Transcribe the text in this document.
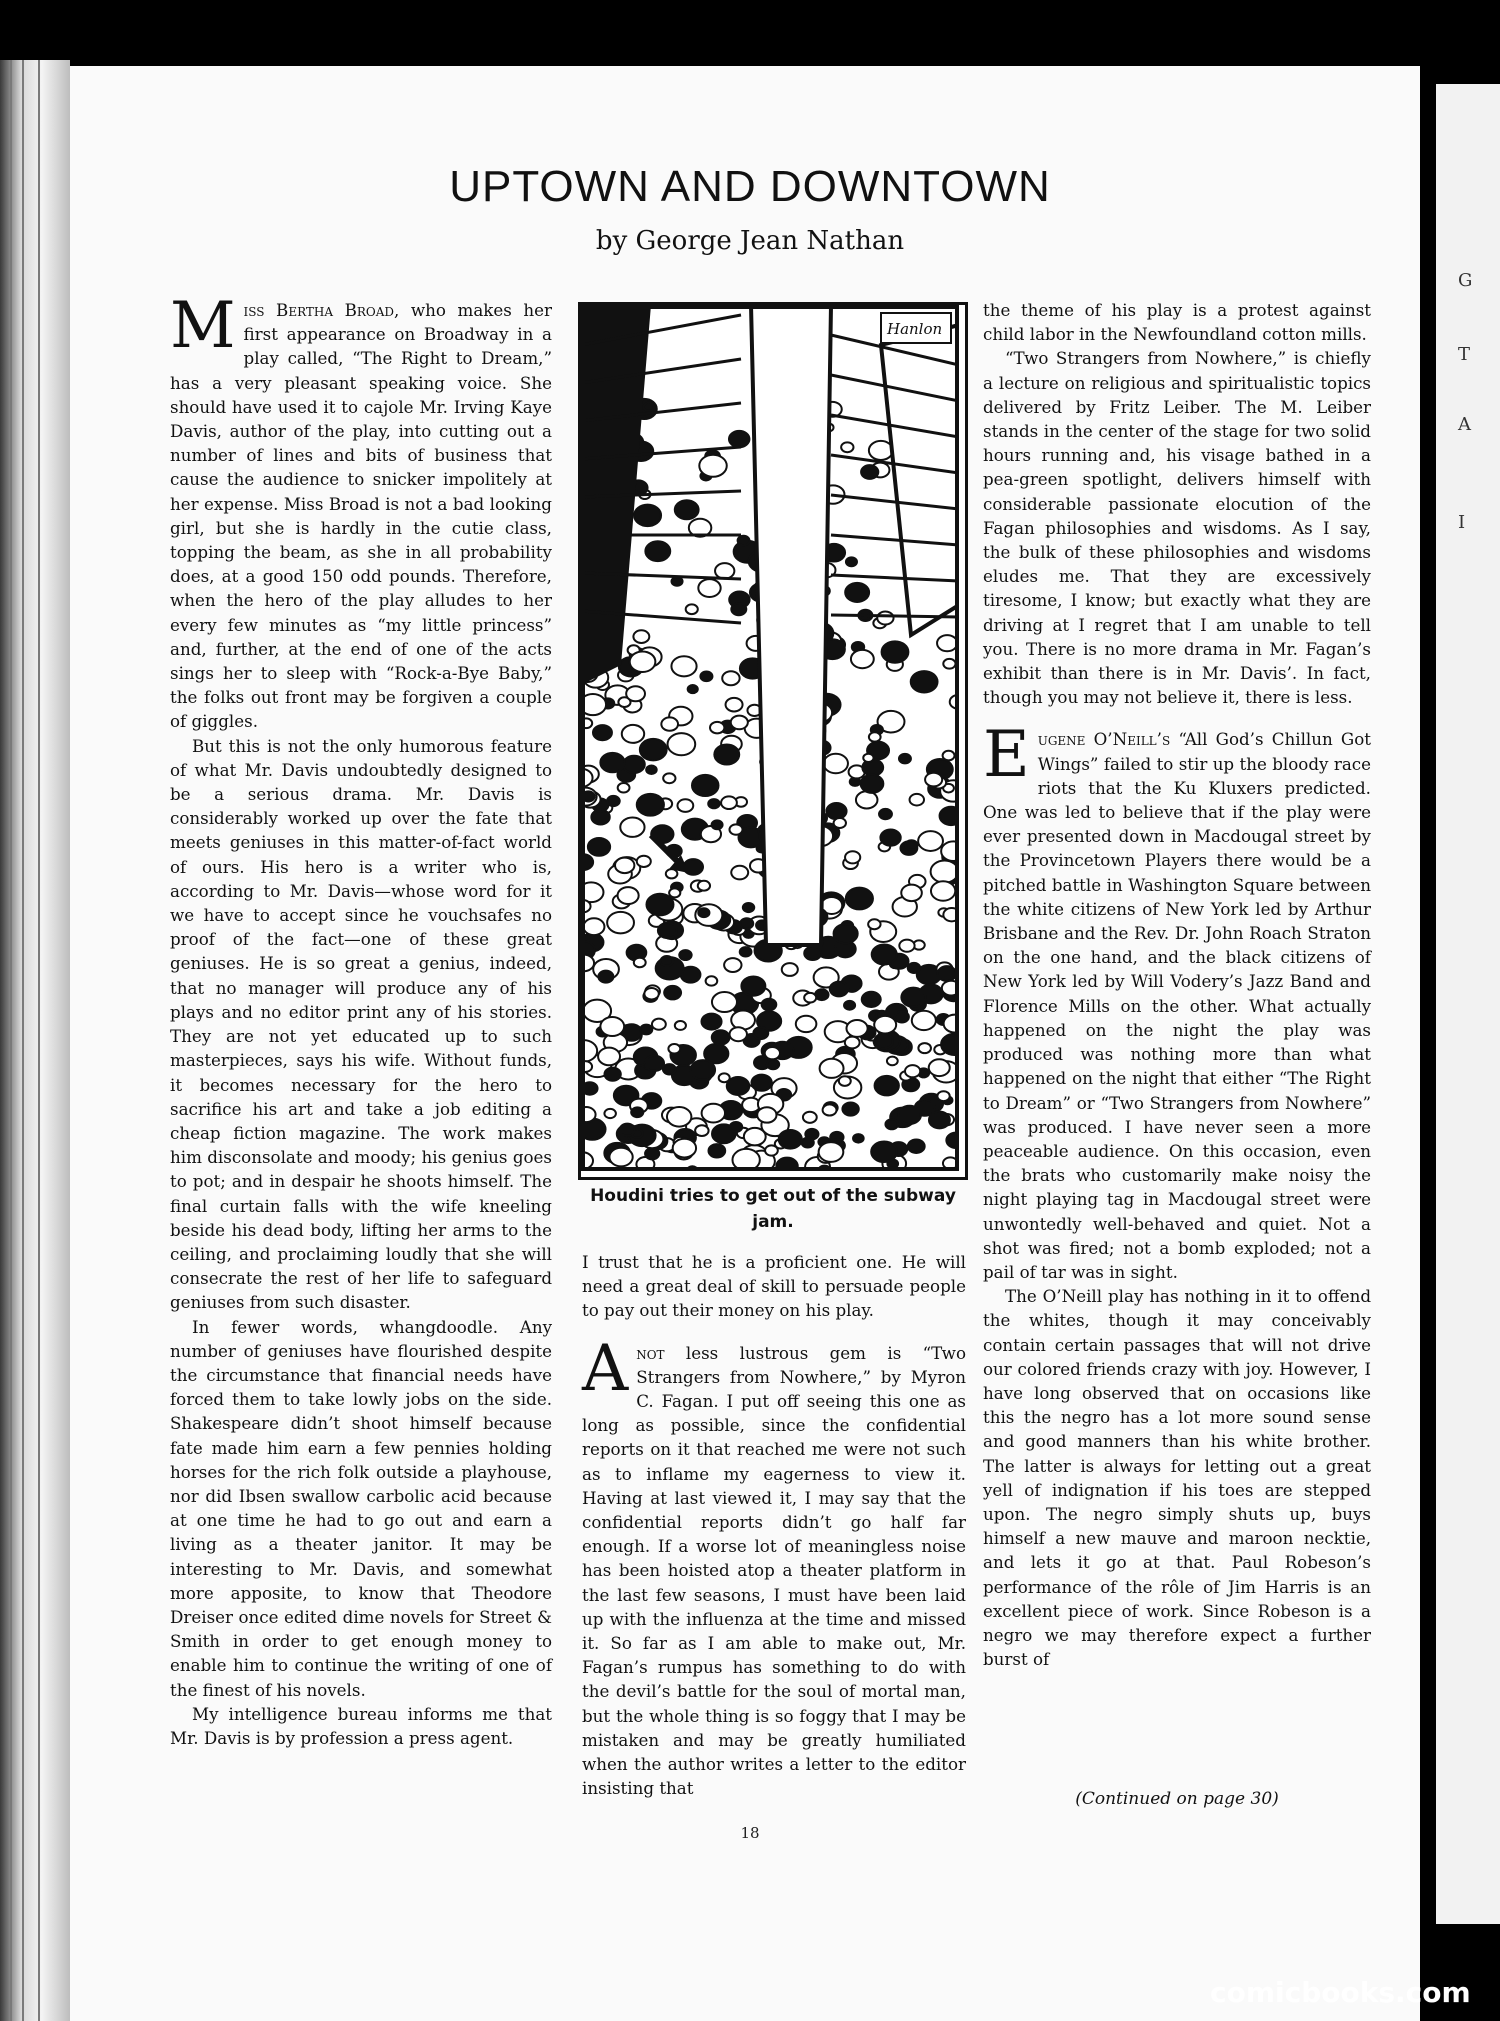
G
T
A
I
UPTOWN AND DOWNTOWN
by George Jean Nathan

Miss Bertha Broad, who makes her first appearance on Broadway in a play called, “The Right to Dream,” has a very pleasant speaking voice. She should have used it to cajole Mr. Irving Kaye Davis, author of the play, into cutting out a number of lines and bits of business that cause the audience to snicker impolitely at her expense. Miss Broad is not a bad looking girl, but she is hardly in the cutie class, topping the beam, as she in all probability does, at a good 150 odd pounds. Therefore, when the hero of the play alludes to her every few minutes as “my little princess” and, further, at the end of one of the acts sings her to sleep with “Rock-a-Bye Baby,” the folks out front may be forgiven a couple of giggles.

But this is not the only humorous feature of what Mr. Davis undoubtedly designed to be a serious drama. Mr. Davis is considerably worked up over the fate that meets geniuses in this matter-of-fact world of ours. His hero is a writer who is, according to Mr. Davis—whose word for it we have to accept since he vouchsafes no proof of the fact—one of these great geniuses. He is so great a genius, indeed, that no manager will produce any of his plays and no editor print any of his stories. They are not yet educated up to such masterpieces, says his wife. Without funds, it becomes necessary for the hero to sacrifice his art and take a job editing a cheap fiction magazine. The work makes him disconsolate and moody; his genius goes to pot; and in despair he shoots himself. The final curtain falls with the wife kneeling beside his dead body, lifting her arms to the ceiling, and proclaiming loudly that she will consecrate the rest of her life to safeguard geniuses from such disaster.

In fewer words, whangdoodle. Any number of geniuses have flourished despite the circumstance that financial needs have forced them to take lowly jobs on the side. Shakespeare didn’t shoot himself because fate made him earn a few pennies holding horses for the rich folk outside a playhouse, nor did Ibsen swallow carbolic acid because at one time he had to go out and earn a living as a theater janitor. It may be interesting to Mr. Davis, and somewhat more apposite, to know that Theodore Dreiser once edited dime novels for Street & Smith in order to get enough money to enable him to continue the writing of one of the finest of his novels.

My intelligence bureau informs me that Mr. Davis is by profession a press agent.

Hanlon
Houdini tries to get out of the subway jam.

I trust that he is a proficient one. He will need a great deal of skill to persuade people to pay out their money on his play.

Anot less lustrous gem is “Two Strangers from Nowhere,” by Myron C. Fagan. I put off seeing this one as long as possible, since the confidential reports on it that reached me were not such as to inflame my eagerness to view it. Having at last viewed it, I may say that the confidential reports didn’t go half far enough. If a worse lot of meaningless noise has been hoisted atop a theater platform in the last few seasons, I must have been laid up with the influenza at the time and missed it. So far as I am able to make out, Mr. Fagan’s rumpus has something to do with the devil’s battle for the soul of mortal man, but the whole thing is so foggy that I may be mistaken and may be greatly humiliated when the author writes a letter to the editor insisting that

the theme of his play is a protest against child labor in the Newfoundland cotton mills.

“Two Strangers from Nowhere,” is chiefly a lecture on religious and spiritualistic topics delivered by Fritz Leiber. The M. Leiber stands in the center of the stage for two solid hours running and, his visage bathed in a pea-green spotlight, delivers himself with considerable passionate elocution of the Fagan philosophies and wisdoms. As I say, the bulk of these philosophies and wisdoms eludes me. That they are excessively tiresome, I know; but exactly what they are driving at I regret that I am unable to tell you. There is no more drama in Mr. Fagan’s exhibit than there is in Mr. Davis’. In fact, though you may not believe it, there is less.

Eugene O’Neill’s “All God’s Chillun Got Wings” failed to stir up the bloody race riots that the Ku Kluxers predicted. One was led to believe that if the play were ever presented down in Macdougal street by the Provincetown Players there would be a pitched battle in Washington Square between the white citizens of New York led by Arthur Brisbane and the Rev. Dr. John Roach Straton on the one hand, and the black citizens of New York led by Will Vodery’s Jazz Band and Florence Mills on the other. What actually happened on the night the play was produced was nothing more than what happened on the night that either “The Right to Dream” or “Two Strangers from Nowhere” was produced. I have never seen a more peaceable audience. On this occasion, even the brats who customarily make noisy the night playing tag in Macdougal street were unwontedly well-behaved and quiet. Not a shot was fired; not a bomb exploded; not a pail of tar was in sight.

The O’Neill play has nothing in it to offend the whites, though it may conceivably contain certain passages that will not drive our colored friends crazy with joy. However, I have long observed that on occasions like this the negro has a lot more sound sense and good manners than his white brother. The latter is always for letting out a great yell of indignation if his toes are stepped upon. The negro simply shuts up, buys himself a new mauve and maroon necktie, and lets it go at that. Paul Robeson’s performance of the rôle of Jim Harris is an excellent piece of work. Since Robeson is a negro we may therefore expect a further burst of

(Continued on page 30)
18
comicbooks.com
